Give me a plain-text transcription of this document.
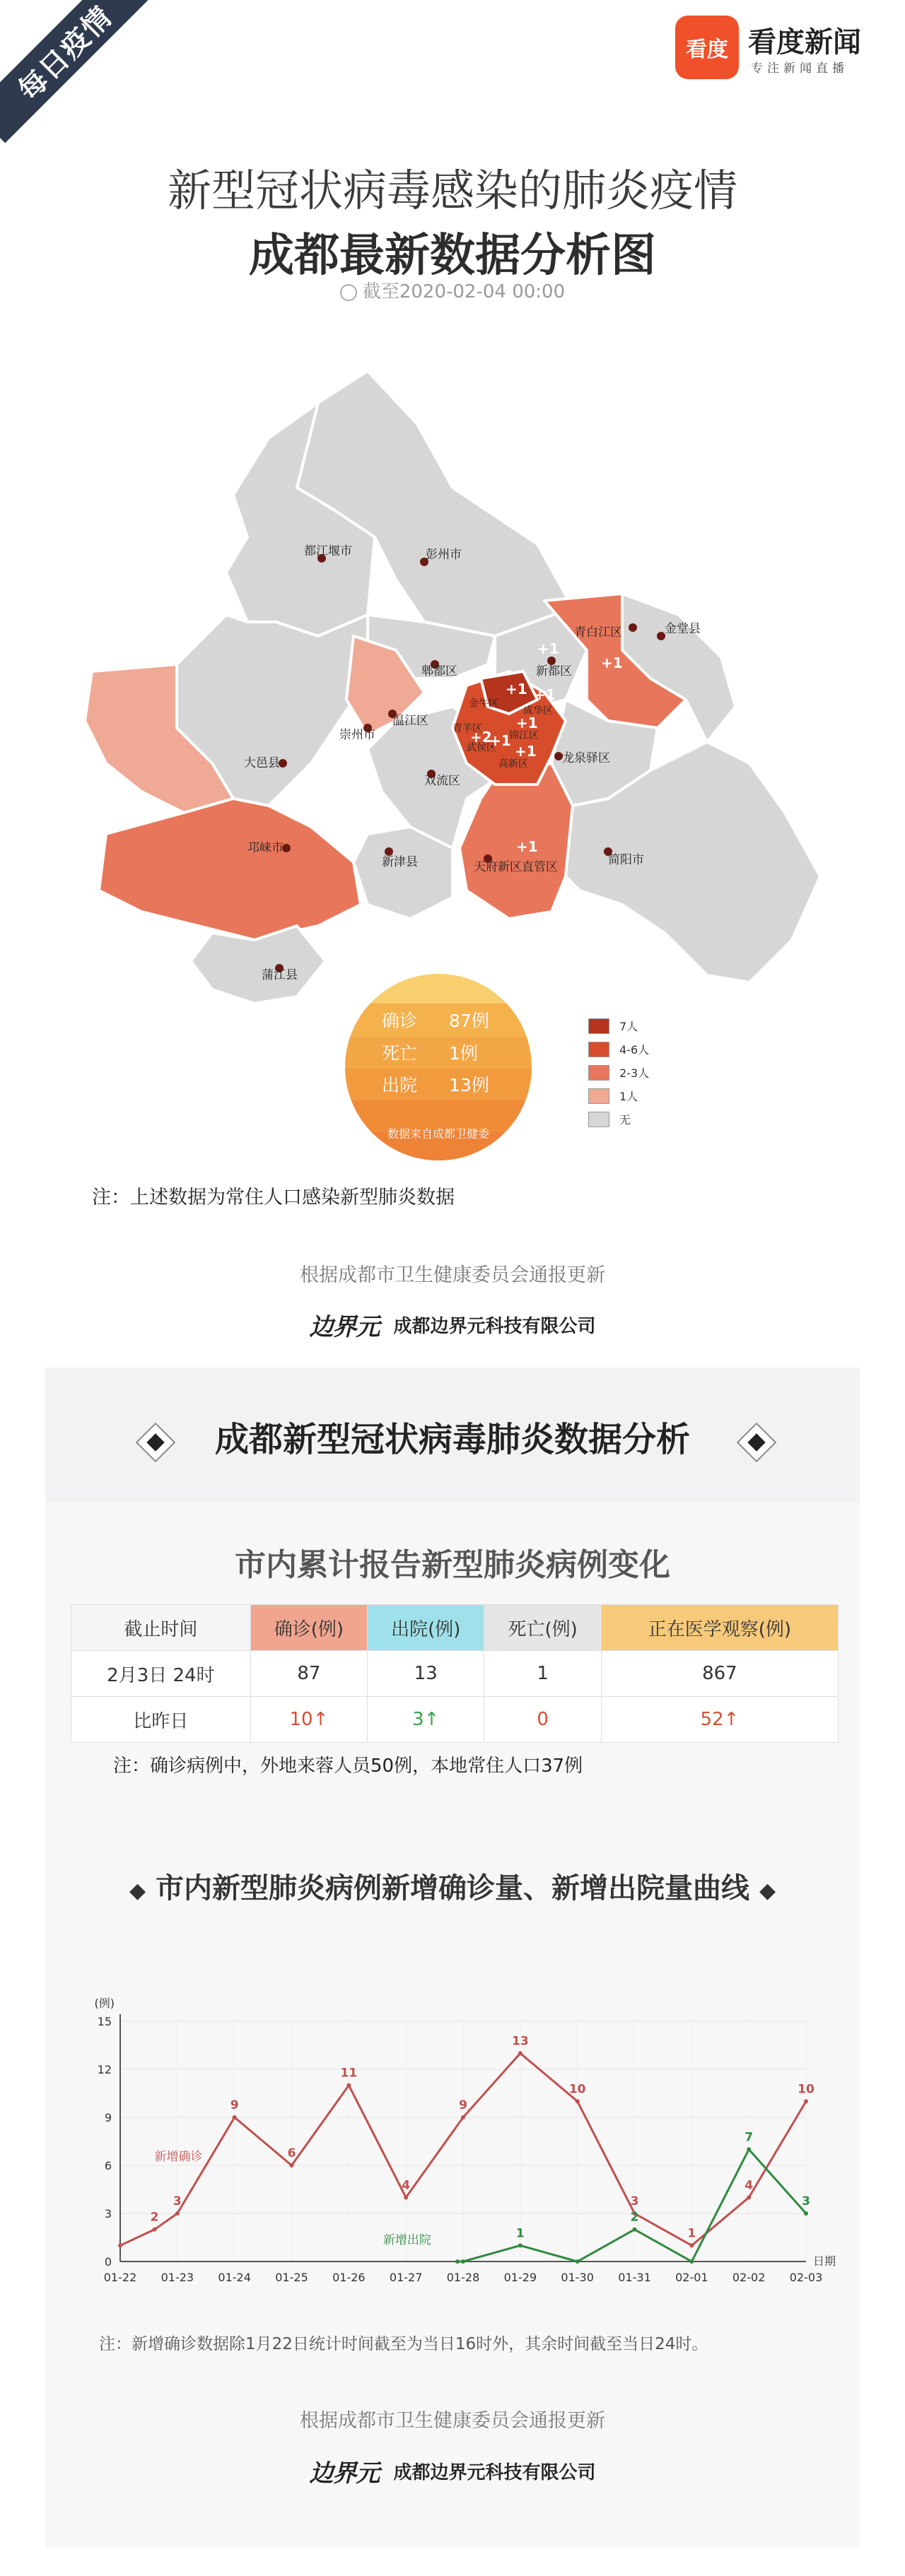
每日疫情	看度 看度新闻
专注新闻直播
新型冠状病毒感染的肺炎疫情
成都最新数据分析图
截至2020-02-04 00:00
都江堰市	彭州市
青白江区	金堂县
郫都区	新都区
温江区
崇州市
大邑县
双流区
龙泉驿区
新津县
邛崃市
天府新区直管区	简阳市
蒲江县
金牛区
成华区
青羊区
武侯区
锦江区
高新区
+1
+1
+1 +1
+2
+1
+1
+1
+1
确诊 87例
死亡 1例
出院 13例
数据来自成都卫健委
7人
4-6人
2-3人
1人
无
注：上述数据为常住人口感染新型肺炎数据
根据成都市卫生健康委员会通报更新
边界元 成都边界元科技有限公司
成都新型冠状病毒肺炎数据分析
市内累计报告新型肺炎病例变化
截止时间	确诊(例)	出院(例)	死亡(例)	正在医学观察(例)
2月3日 24时	87	13	1	867
比昨日	10↑	3↑	0	52↑
注：确诊病例中，外地来蓉人员50例，本地常住人口37例
◆ 市内新型肺炎病例新增确诊量、新增出院量曲线 ◆
0
3
6
9
12
15
01-22 01-23 01-24 01-25 01-26 01-27 01-28 01-29 01-30 01-31 02-01 02-02 02-03
(例)
日期
2
3
9
6
11
4
9
13
10
3
1
4
10
1
2
7
3
新增确诊
新增出院
注：新增确诊数据除1月22日统计时间截至为当日16时外，其余时间截至当日24时。
根据成都市卫生健康委员会通报更新
边界元 成都边界元科技有限公司
